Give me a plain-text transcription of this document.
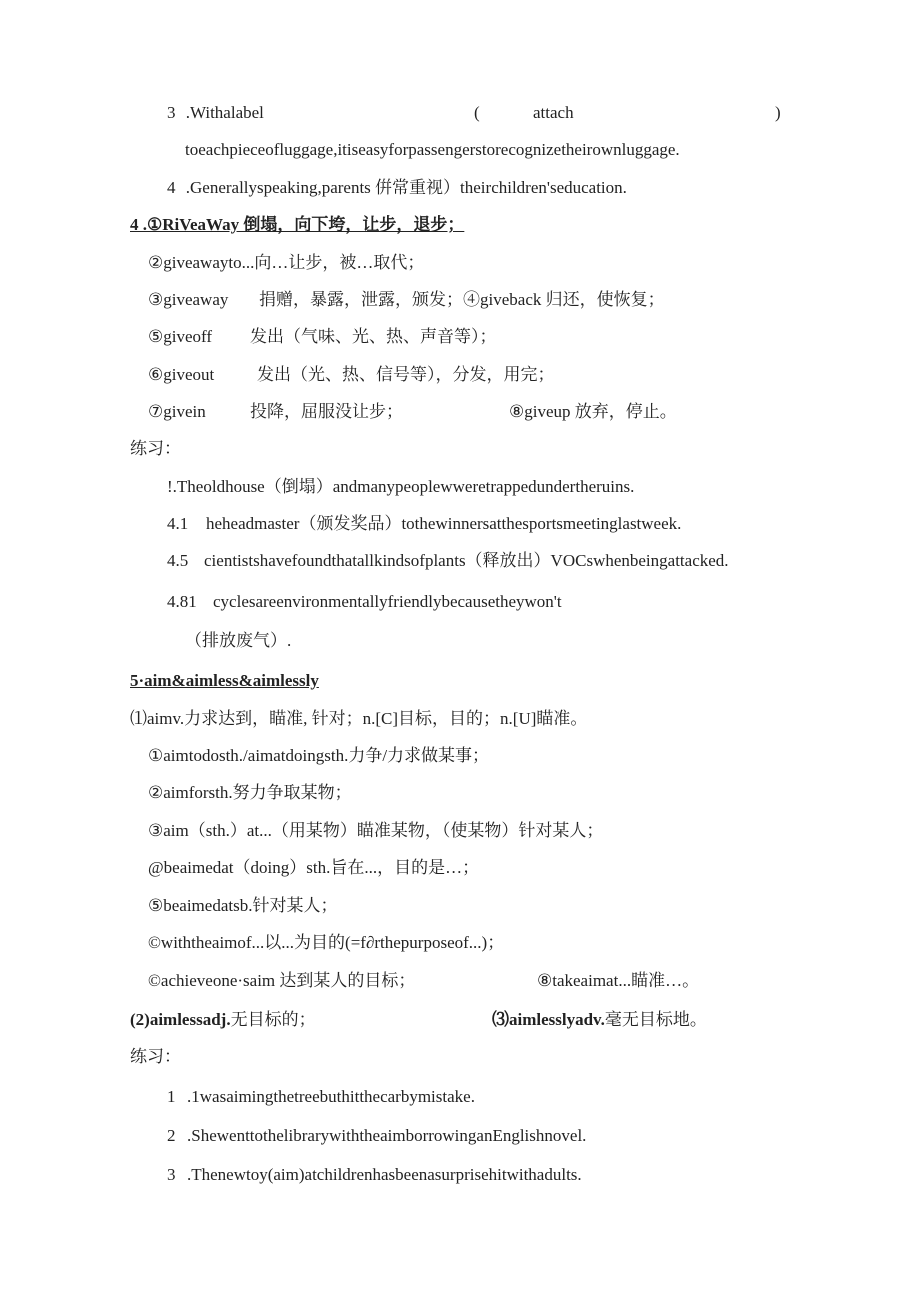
3 .Withalabel	(	attach	)
toeachpieceofluggage,itiseasyforpassengerstorecognizetheirownluggage.
4 .Generallyspeaking,parents 倂常重视）theirchildren'seducation.
4 .①RiVeaWay 倒塌，向下垮，让步，退步；
②giveawayto...向…让步，被…取代；
③giveaway 捐赠，暴露，泄露，颁发；④giveback 归还，使恢复；
⑤giveoff 发出（气味、光、热、声音等）；
⑥giveout	发出（光、热、信号等），分发，用完；
⑦givein	投降，屈服没让步；	⑧giveup 放弃，停止。
练习：
!.Theoldhouse（倒塌）andmanypeoplewweretrappedundertheruins.
4.1 heheadmaster（颁发奖品）tothewinnersatthesportsmeetinglastweek.
4.5 cientistshavefoundthatallkindsofplants（释放出）VOCswhenbeingattacked.
4.81 cyclesareenvironmentallyfriendlybecausetheywon't
（排放废气）.
5·aim&aimless&aimlessly
⑴aimv.力求达到，瞄准, 针对；n.[C]目标，目的；n.[U]瞄准。
①aimtodosth./aimatdoingsth.力争/力求做某事；
②aimforsth.努力争取某物；
③aim（sth.）at...（用某物）瞄准某物，（使某物）针对某人；
@beaimedat（doing）sth.旨在...，目的是…；
⑤beaimedatsb.针对某人；
©withtheaimof...以...为目的(=f∂rthepurposeof...)；
©achieveone·saim 达到某人的目标；	⑧takeaimat...瞄准…。
(2)aimlessadj.无目标的；	⑶aimlesslyadv.毫无目标地。
练习：
1 .1wasaimingthetreebuthitthecarbymistake.
2 .ShewenttothelibrarywiththeaimborrowinganEnglishnovel.
3 .Thenewtoy(aim)atchildrenhasbeenasurprisehitwithadults.
